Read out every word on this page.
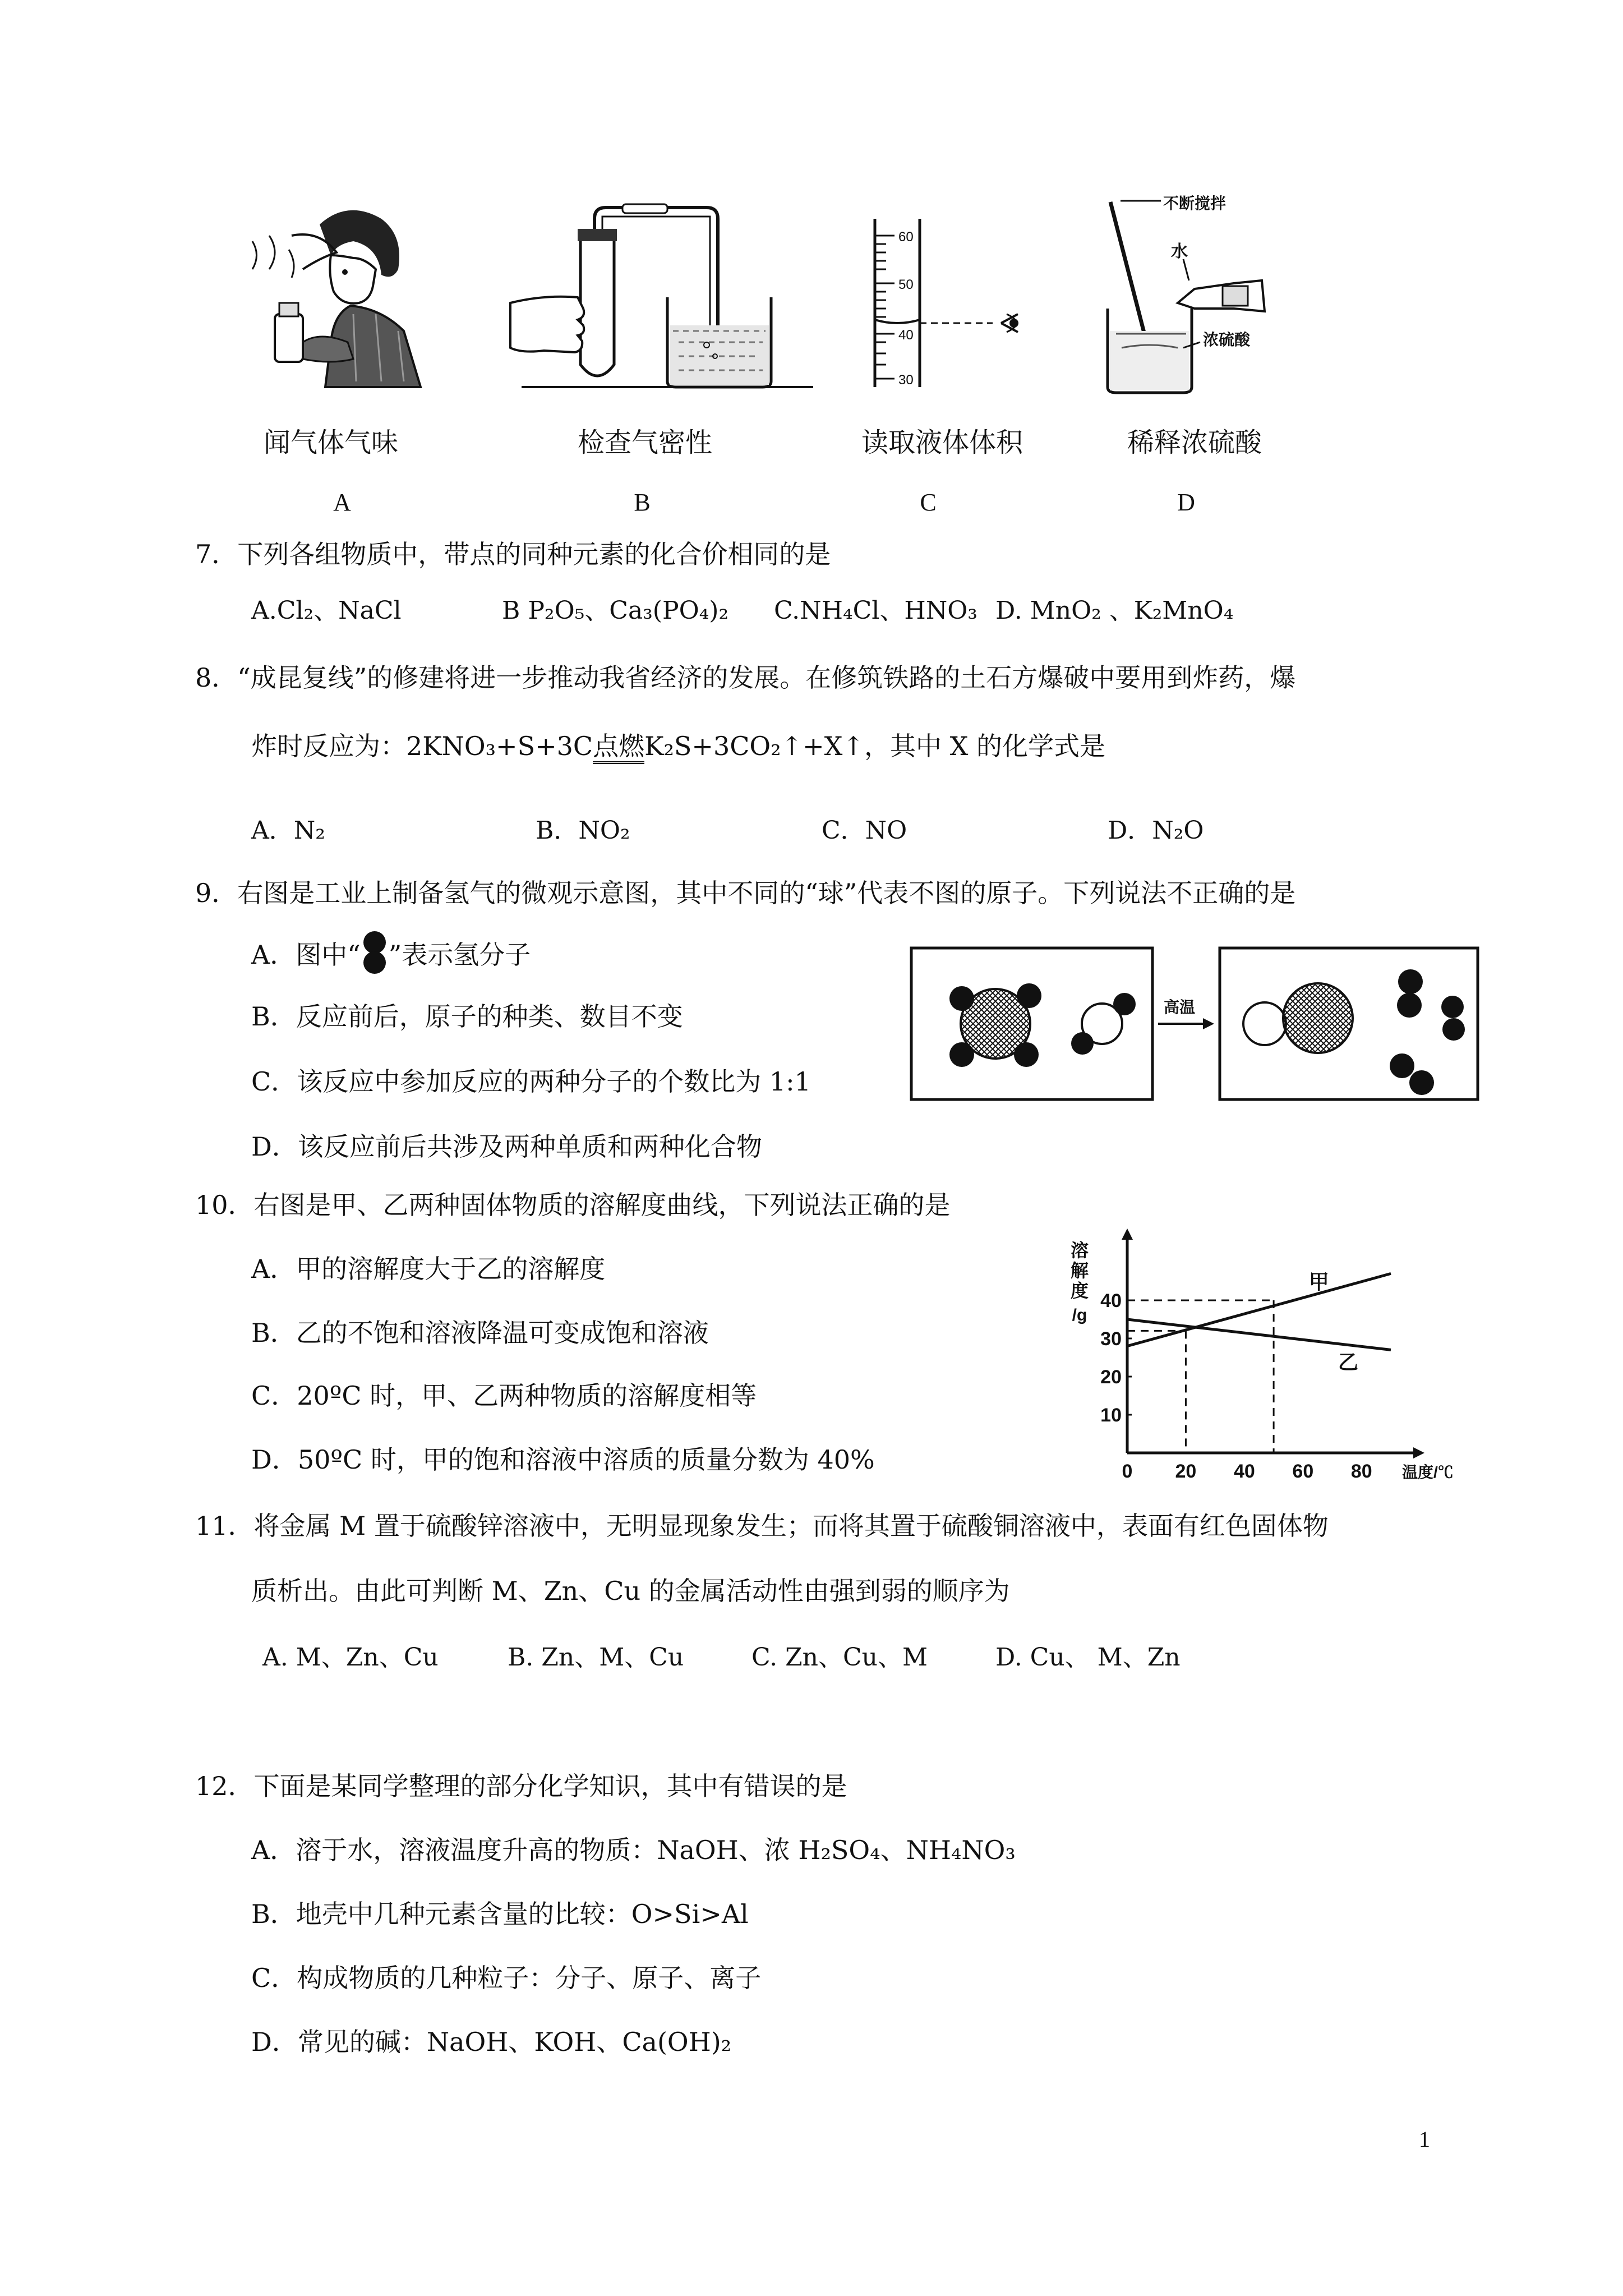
60
50
40
30
不断搅拌
水
浓硫酸
闻气体气味	检查气密性	读取液体体积	稀释浓硫酸
A	B	C	D
7．下列各组物质中，带点的同种元素的化合价相同的是
A.Cl₂、NaCl	B P₂O₅、Ca₃(PO₄)₂ C.NH₄Cl、HNO₃ D. MnO₂ 、K₂MnO₄
8．“成昆复线”的修建将进一步推动我省经济的发展。在修筑铁路的土石方爆破中要用到炸药，爆
炸时反应为：2KNO₃+S+3C点燃K₂S+3CO₂↑+X↑，其中 X 的化学式是
A．N₂	B．NO₂	C．NO	D．N₂O
9．右图是工业上制备氢气的微观示意图，其中不同的“球”代表不图的原子。下列说法不正确的是
A．图中“ ”表示氢分子
B．反应前后，原子的种类、数目不变
C．该反应中参加反应的两种分子的个数比为 1:1
D．该反应前后共涉及两种单质和两种化合物
高温
10．右图是甲、乙两种固体物质的溶解度曲线，下列说法正确的是
A．甲的溶解度大于乙的溶解度
B．乙的不饱和溶液降温可变成饱和溶液
C．20ºC 时，甲、乙两种物质的溶解度相等
D．50ºC 时，甲的饱和溶液中溶质的质量分数为 40%	0 20 40 60 80
10
20
30
40
溶
解
度
/g
温度/℃
甲
乙
11．将金属 M 置于硫酸锌溶液中，无明显现象发生；而将其置于硫酸铜溶液中，表面有红色固体物
质析出。由此可判断 M、Zn、Cu 的金属活动性由强到弱的顺序为
A. M、Zn、Cu	B. Zn、M、Cu	C. Zn、Cu、M	D. Cu、 M、Zn
12．下面是某同学整理的部分化学知识，其中有错误的是
A．溶于水，溶液温度升高的物质：NaOH、浓 H₂SO₄、NH₄NO₃
B．地壳中几种元素含量的比较：O>Si>Al
C．构成物质的几种粒子：分子、原子、离子
D．常见的碱：NaOH、KOH、Ca(OH)₂
1
